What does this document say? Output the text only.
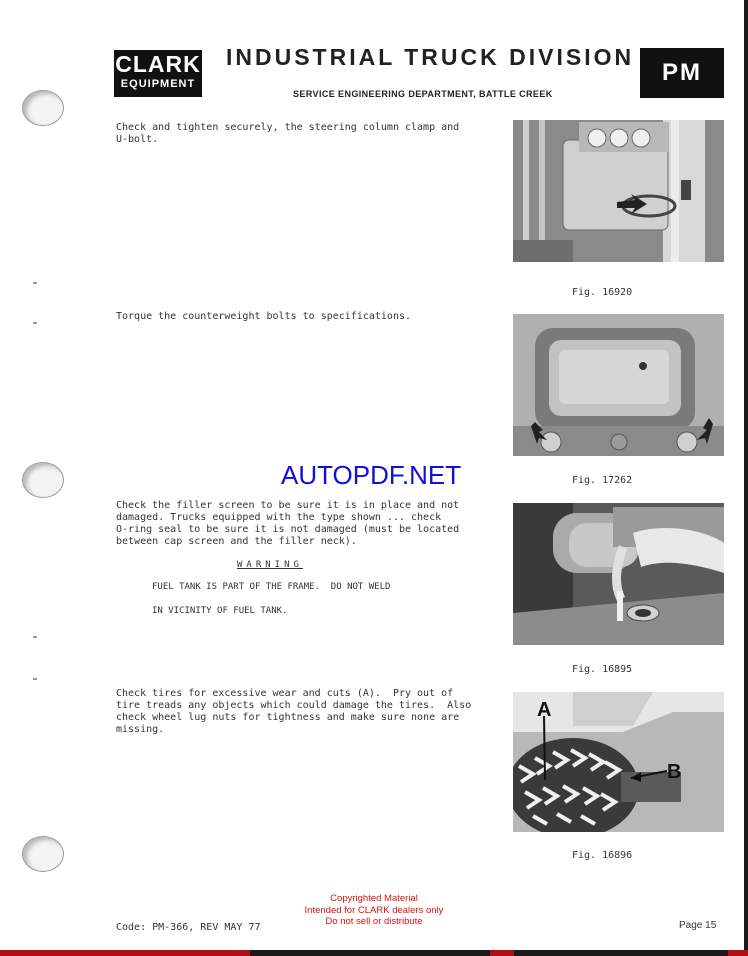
CLARK
EQUIPMENT
INDUSTRIAL TRUCK DIVISION
SERVICE ENGINEERING DEPARTMENT, BATTLE CREEK
PM
Check and tighten securely, the steering column clamp and
U-bolt.
Fig. 16920
Torque the counterweight bolts to specifications.
Fig. 17262
AUTOPDF.NET
Check the filler screen to be sure it is in place and not
damaged. Trucks equipped with the type shown ... check
O-ring seal to be sure it is not damaged (must be located
between cap screen and the filler neck).
WARNING
FUEL TANK IS PART OF THE FRAME.  DO NOT WELD
IN VICINITY OF FUEL TANK.
Fig. 16895
Check tires for excessive wear and cuts (A).  Pry out of
tire treads any objects which could damage the tires.  Also
check wheel lug nuts for tightness and make sure none are
missing.
A
B
Fig. 16896
Copyrighted Material
Intended for CLARK dealers only
Do not sell or distribute
Code: PM-366, REV MAY 77	Page 15
